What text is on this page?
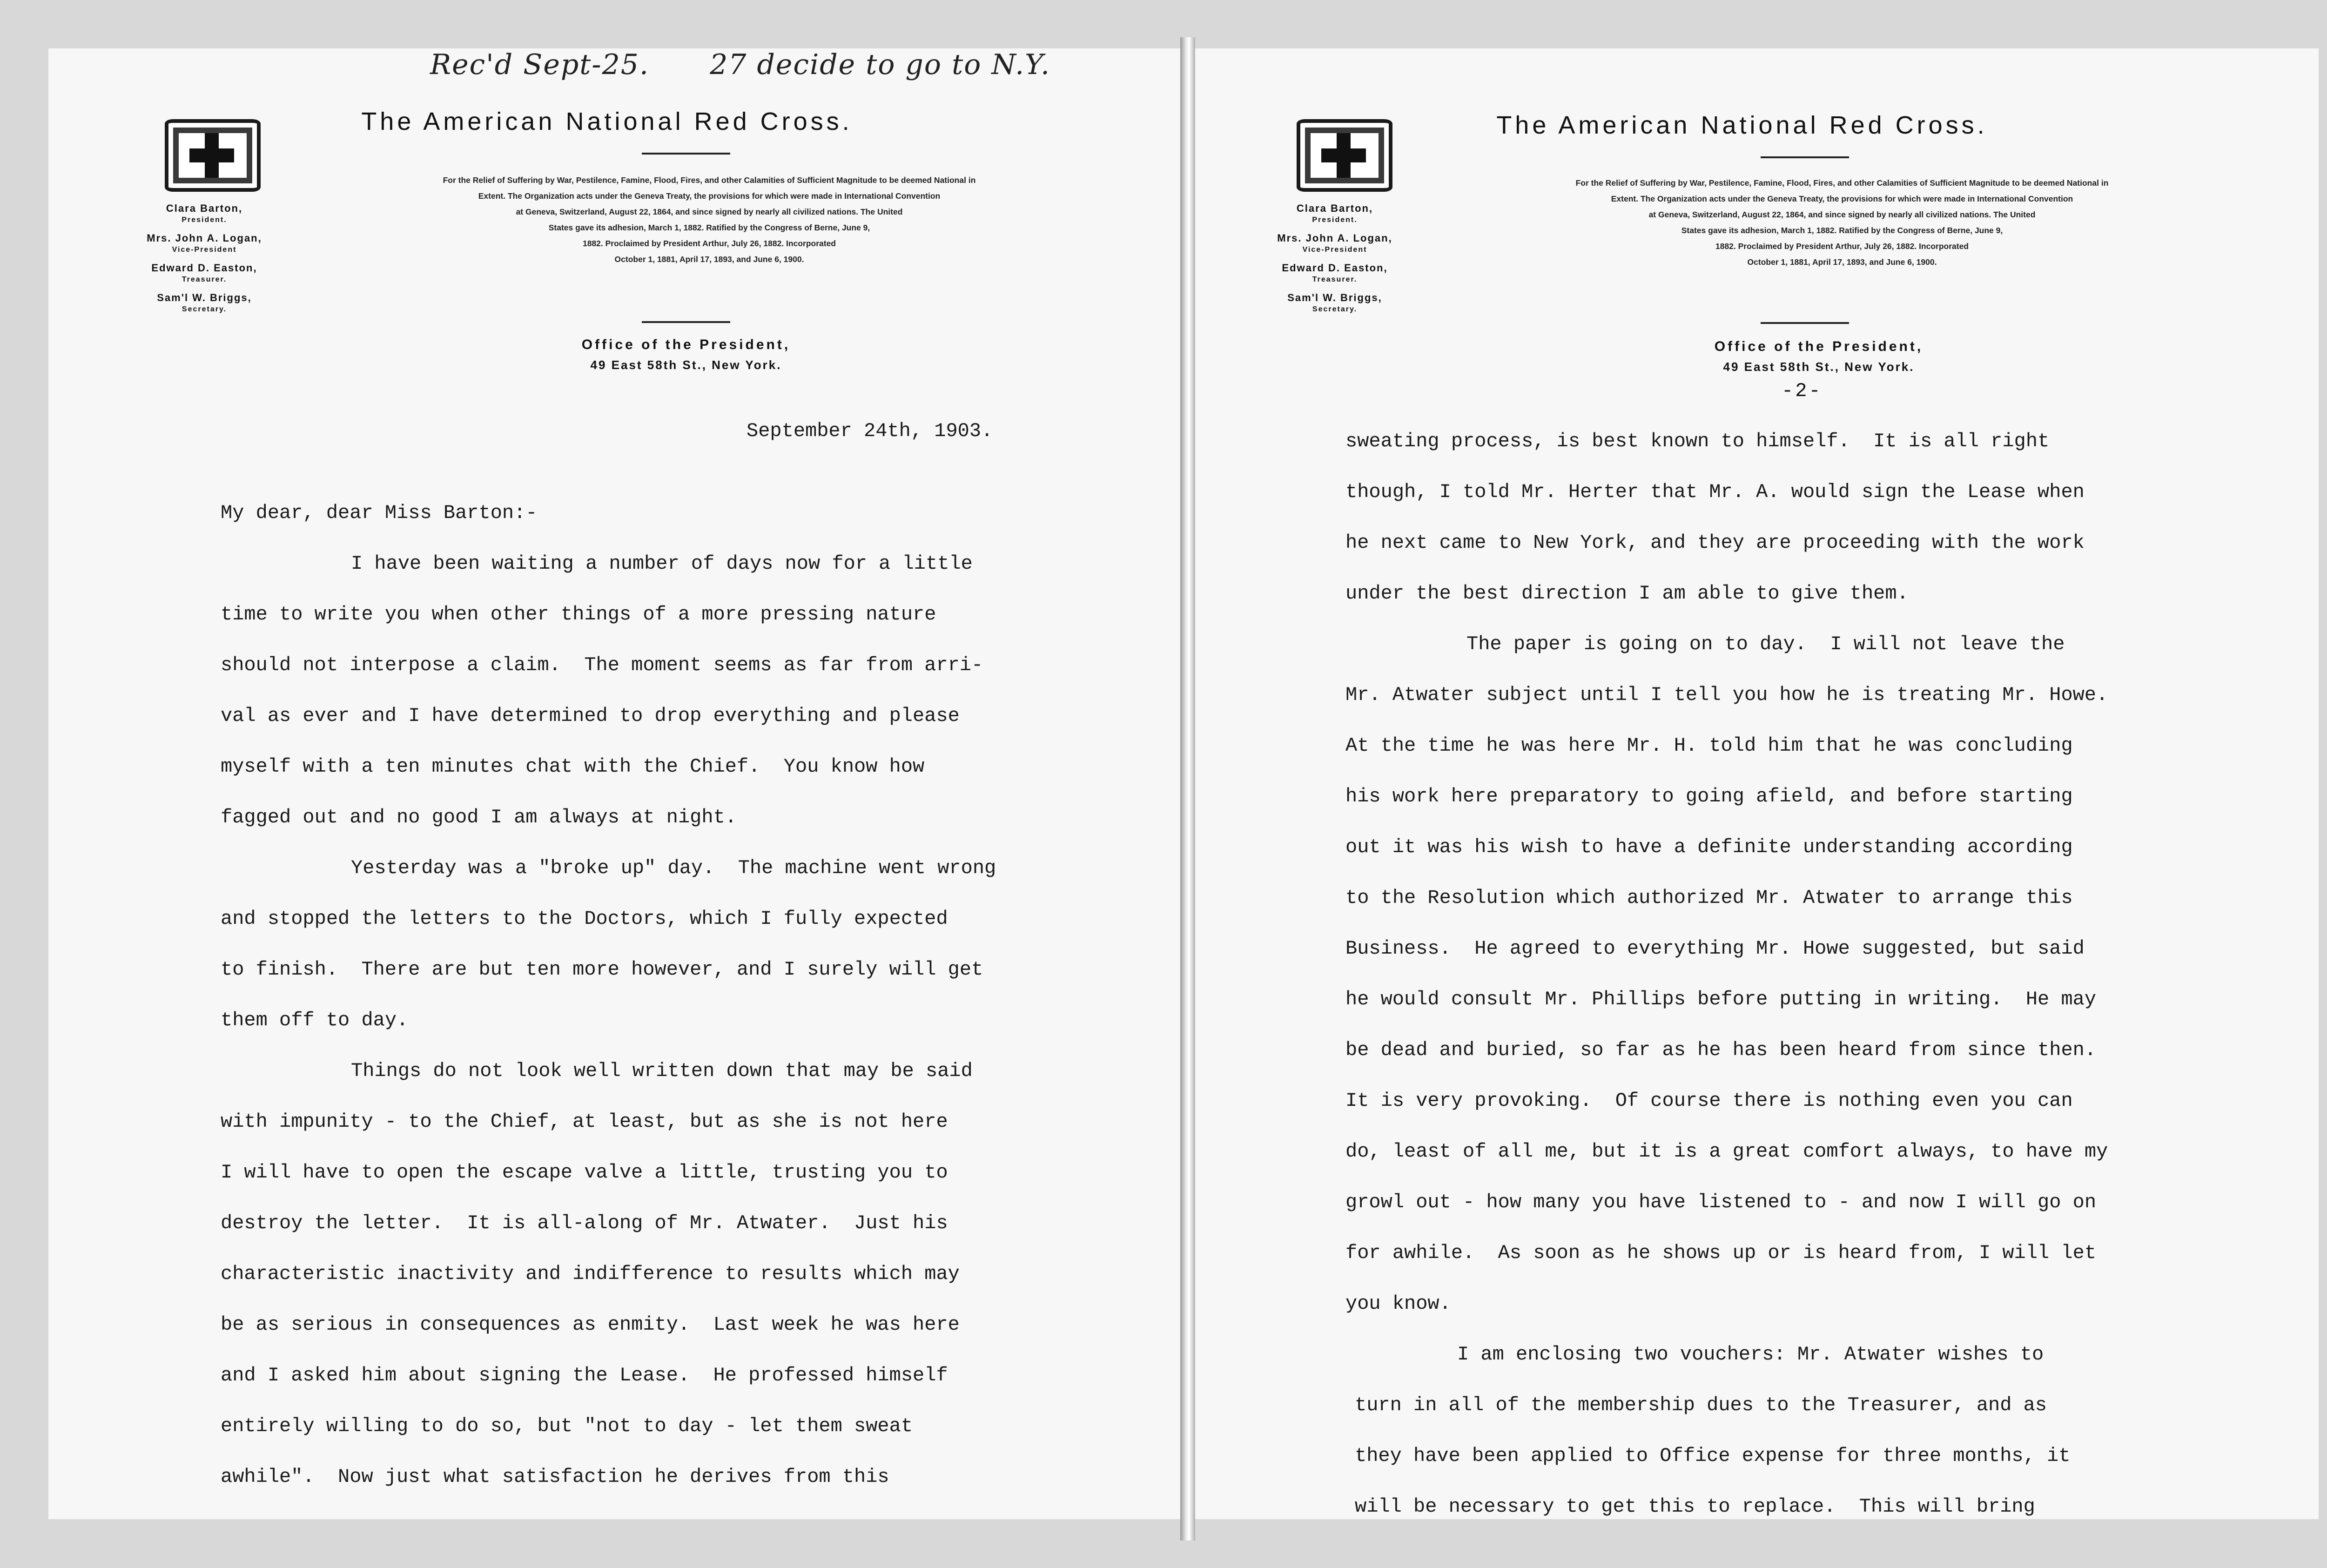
Rec'd Sept-25. 27 decide to go to N.Y.
Clara Barton,
President.
Mrs. John A. Logan,
Vice-President
Edward D. Easton,
Treasurer.
Sam'l W. Briggs,
Secretary.
The American National Red Cross.
For the Relief of Suffering by War, Pestilence, Famine, Flood, Fires, and other Calamities of Sufficient Magnitude to be deemed National in
Extent. The Organization acts under the Geneva Treaty, the provisions for which were made in International Convention
at Geneva, Switzerland, August 22, 1864, and since signed by nearly all civilized nations. The United
States gave its adhesion, March 1, 1882. Ratified by the Congress of Berne, June 9,
1882. Proclaimed by President Arthur, July 26, 1882. Incorporated
October 1, 1881, April 17, 1893, and June 6, 1900.
Office of the President,
49 East 58th St., New York.
September 24th, 1903.
My dear, dear Miss Barton:-
I have been waiting a number of days now for a little
time to write you when other things of a more pressing nature
should not interpose a claim.  The moment seems as far from arri-
val as ever and I have determined to drop everything and please
myself with a ten minutes chat with the Chief.  You know how
fagged out and no good I am always at night.
Yesterday was a "broke up" day.  The machine went wrong
and stopped the letters to the Doctors, which I fully expected
to finish.  There are but ten more however, and I surely will get
them off to day.
Things do not look well written down that may be said
with impunity - to the Chief, at least, but as she is not here
I will have to open the escape valve a little, trusting you to
destroy the letter.  It is all-along of Mr. Atwater.  Just his
characteristic inactivity and indifference to results which may
be as serious in consequences as enmity.  Last week he was here
and I asked him about signing the Lease.  He professed himself
entirely willing to do so, but "not to day - let them sweat
awhile".  Now just what satisfaction he derives from this
Clara Barton,
President.
Mrs. John A. Logan,
Vice-President
Edward D. Easton,
Treasurer.
Sam'l W. Briggs,
Secretary.
The American National Red Cross.
For the Relief of Suffering by War, Pestilence, Famine, Flood, Fires, and other Calamities of Sufficient Magnitude to be deemed National in
Extent. The Organization acts under the Geneva Treaty, the provisions for which were made in International Convention
at Geneva, Switzerland, August 22, 1864, and since signed by nearly all civilized nations. The United
States gave its adhesion, March 1, 1882. Ratified by the Congress of Berne, June 9,
1882. Proclaimed by President Arthur, July 26, 1882. Incorporated
October 1, 1881, April 17, 1893, and June 6, 1900.
Office of the President,
49 East 58th St., New York.
-2-
sweating process, is best known to himself.  It is all right
though, I told Mr. Herter that Mr. A. would sign the Lease when
he next came to New York, and they are proceeding with the work
under the best direction I am able to give them.
The paper is going on to day.  I will not leave the
Mr. Atwater subject until I tell you how he is treating Mr. Howe.
At the time he was here Mr. H. told him that he was concluding
his work here preparatory to going afield, and before starting
out it was his wish to have a definite understanding according
to the Resolution which authorized Mr. Atwater to arrange this
Business.  He agreed to everything Mr. Howe suggested, but said
he would consult Mr. Phillips before putting in writing.  He may
be dead and buried, so far as he has been heard from since then.
It is very provoking.  Of course there is nothing even you can
do, least of all me, but it is a great comfort always, to have my
growl out - how many you have listened to - and now I will go on
for awhile.  As soon as he shows up or is heard from, I will let
you know.
I am enclosing two vouchers: Mr. Atwater wishes to
turn in all of the membership dues to the Treasurer, and as
they have been applied to Office expense for three months, it
will be necessary to get this to replace.  This will bring
